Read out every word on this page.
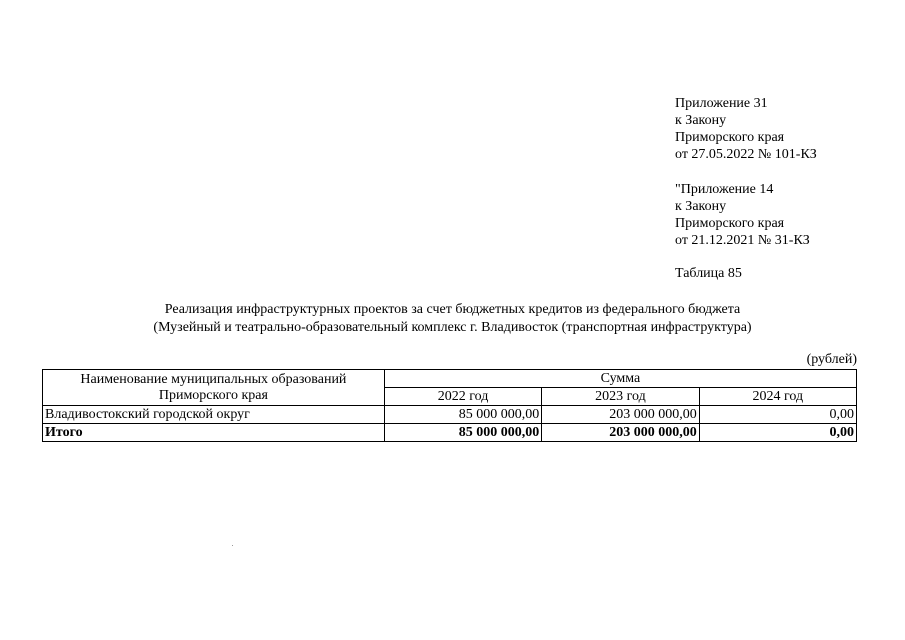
Приложение 31
к Закону
Приморского края
от 27.05.2022 № 101-КЗ
"Приложение 14
к Закону
Приморского края
от 21.12.2021 № 31-КЗ
Таблица 85
Реализация инфраструктурных проектов за счет бюджетных кредитов из федерального бюджета
(Музейный и театрально-образовательный комплекс г. Владивосток (транспортная инфраструктура)
(рублей)
Наименование муниципальных образований
Приморского края	Сумма		
	2022 год	2023 год	2024 год
Владивостокский городской округ	85 000 000,00	203 000 000,00	0,00
Итого	85 000 000,00	203 000 000,00	0,00
